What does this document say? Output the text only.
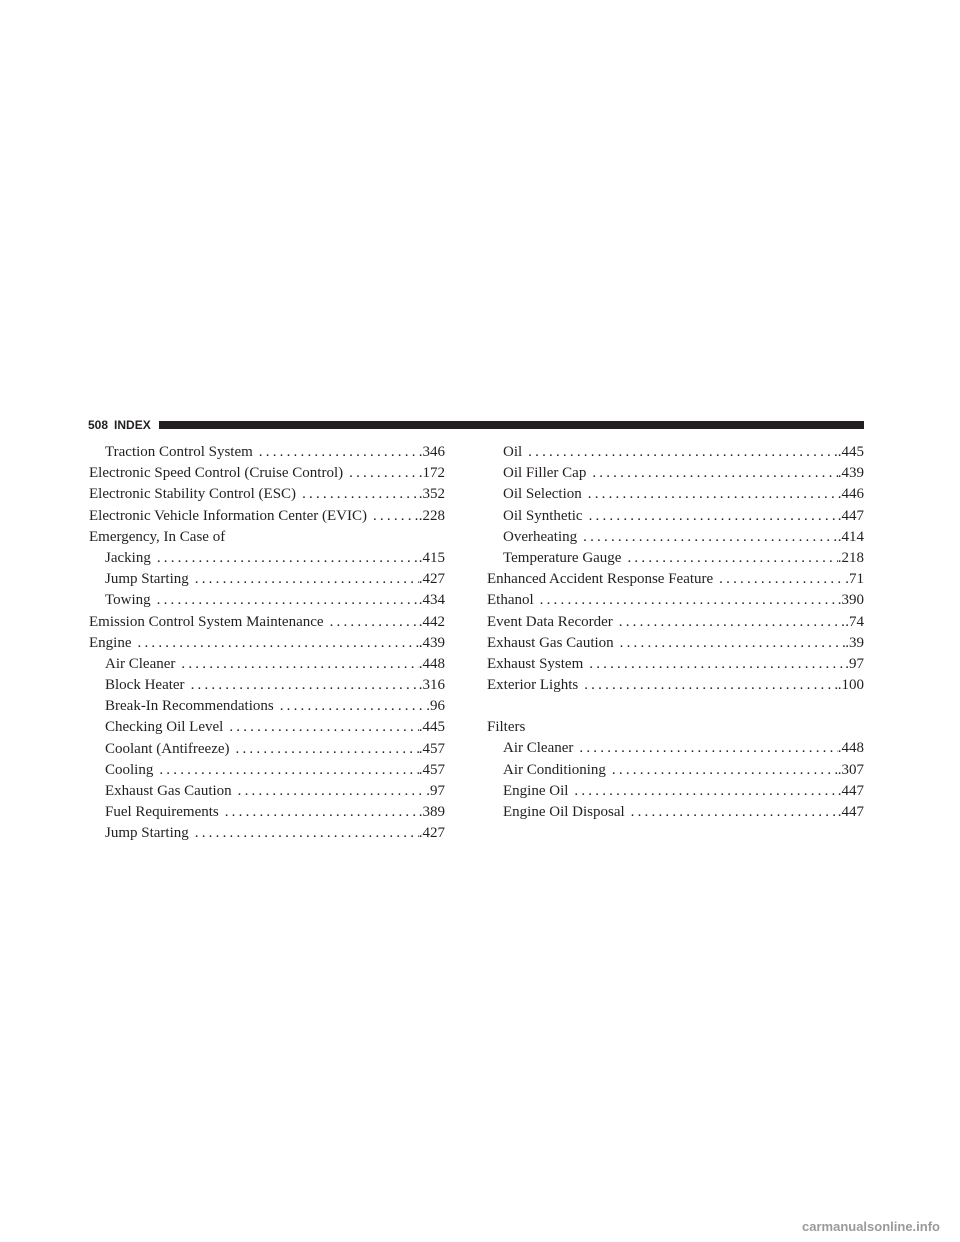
508 INDEX
Traction Control System .....	.346
Electronic Speed Control (Cruise Control) .....	.172
Electronic Stability Control (ESC) .....	.352
Electronic Vehicle Information Center (EVIC) .....	.228
Emergency, In Case of
Jacking .....	.415
Jump Starting .....	.427
Towing .....	.434
Emission Control System Maintenance .....	.442
Engine .....	.439
Air Cleaner .....	.448
Block Heater .....	.316
Break-In Recommendations .....	.96
Checking Oil Level .....	.445
Coolant (Antifreeze) .....	.457
Cooling .....	.457
Exhaust Gas Caution .....	.97
Fuel Requirements .....	.389
Jump Starting .....	.427
Oil .....	.445
Oil Filler Cap .....	.439
Oil Selection .....	.446
Oil Synthetic .....	.447
Overheating .....	.414
Temperature Gauge .....	.218
Enhanced Accident Response Feature .....	.71
Ethanol .....	.390
Event Data Recorder .....	.74
Exhaust Gas Caution .....	.39
Exhaust System .....	.97
Exterior Lights .....	.100
Filters
Air Cleaner .....	.448
Air Conditioning .....	.307
Engine Oil .....	.447
Engine Oil Disposal .....	.447
carmanualsonline.info
